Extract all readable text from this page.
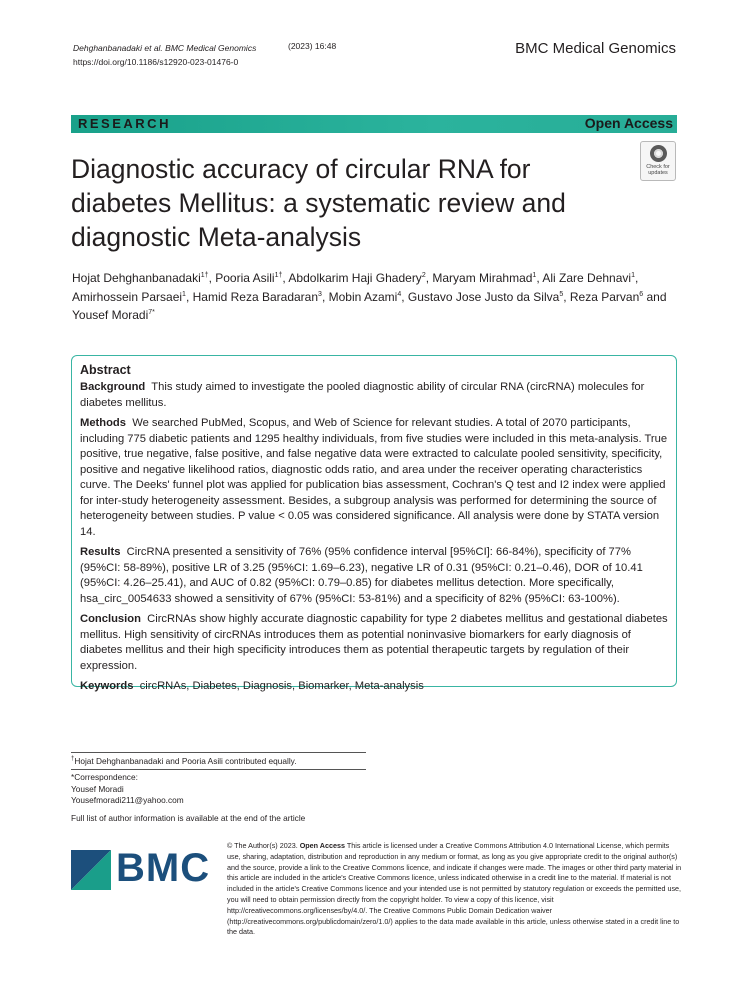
Dehghanbanadaki et al. BMC Medical Genomics
https://doi.org/10.1186/s12920-023-01476-0
(2023) 16:48	BMC Medical Genomics
RESEARCH	Open Access
Check for
updates
Diagnostic accuracy of circular RNA for diabetes Mellitus: a systematic review and diagnostic Meta-analysis
Hojat Dehghanbanadaki$^{1\dagger}$, Pooria Asili$^{1\dagger}$, Abdolkarim Haji Ghadery$^2$, Maryam Mirahmad$^1$, Ali Zare Dehnavi$^1$,
Amirhossein Parsaei$^1$, Hamid Reza Baradaran$^3$, Mobin Azami$^4$, Gustavo Jose Justo da Silva$^5$, Reza Parvan$^6$ and
Yousef Moradi$^{7*}$
Abstract

Background This study aimed to investigate the pooled diagnostic ability of circular RNA (circRNA) molecules for diabetes mellitus.

Methods We searched PubMed, Scopus, and Web of Science for relevant studies. A total of 2070 participants, including 775 diabetic patients and 1295 healthy individuals, from five studies were included in this meta-analysis. True positive, true negative, false positive, and false negative data were extracted to calculate pooled sensitivity, specificity, positive and negative likelihood ratios, diagnostic odds ratio, and area under the receiver operating characteristics curve. The Deeks' funnel plot was applied for publication bias assessment, Cochran's Q test and I2 index were applied for inter-study heterogeneity assessment. Besides, a subgroup analysis was performed for determining the source of heterogeneity between studies. P value < 0.05 was considered significance. All analysis were done by STATA version 14.

Results CircRNA presented a sensitivity of 76% (95% confidence interval [95%CI]: 66-84%), specificity of 77% (95%CI: 58-89%), positive LR of 3.25 (95%CI: 1.69–6.23), negative LR of 0.31 (95%CI: 0.21–0.46), DOR of 10.41 (95%CI: 4.26–25.41), and AUC of 0.82 (95%CI: 0.79–0.85) for diabetes mellitus detection. More specifically, hsa_circ_0054633 showed a sensitivity of 67% (95%CI: 53-81%) and a specificity of 82% (95%CI: 63-100%).

Conclusion CircRNAs show highly accurate diagnostic capability for type 2 diabetes mellitus and gestational diabetes mellitus. High sensitivity of circRNAs introduces them as potential noninvasive biomarkers for early diagnosis of diabetes mellitus and their high specificity introduces them as potential therapeutic targets by regulation of their expression.

Keywords circRNAs, Diabetes, Diagnosis, Biomarker, Meta-analysis

†Hojat Dehghanbanadaki and Pooria Asili contributed equally.
*Correspondence:
Yousef Moradi
Yousefmoradi211@yahoo.com
Full list of author information is available at the end of the article
BMC
© The Author(s) 2023. Open Access This article is licensed under a Creative Commons Attribution 4.0 International License, which permits use, sharing, adaptation, distribution and reproduction in any medium or format, as long as you give appropriate credit to the original author(s) and the source, provide a link to the Creative Commons licence, and indicate if changes were made. The images or other third party material in this article are included in the article's Creative Commons licence, unless indicated otherwise in a credit line to the material. If material is not included in the article's Creative Commons licence and your intended use is not permitted by statutory regulation or exceeds the permitted use, you will need to obtain permission directly from the copyright holder. To view a copy of this licence, visit http://creativecommons.org/licenses/by/4.0/. The Creative Commons Public Domain Dedication waiver (http://creativecommons.org/publicdomain/zero/1.0/) applies to the data made available in this article, unless otherwise stated in a credit line to the data.
